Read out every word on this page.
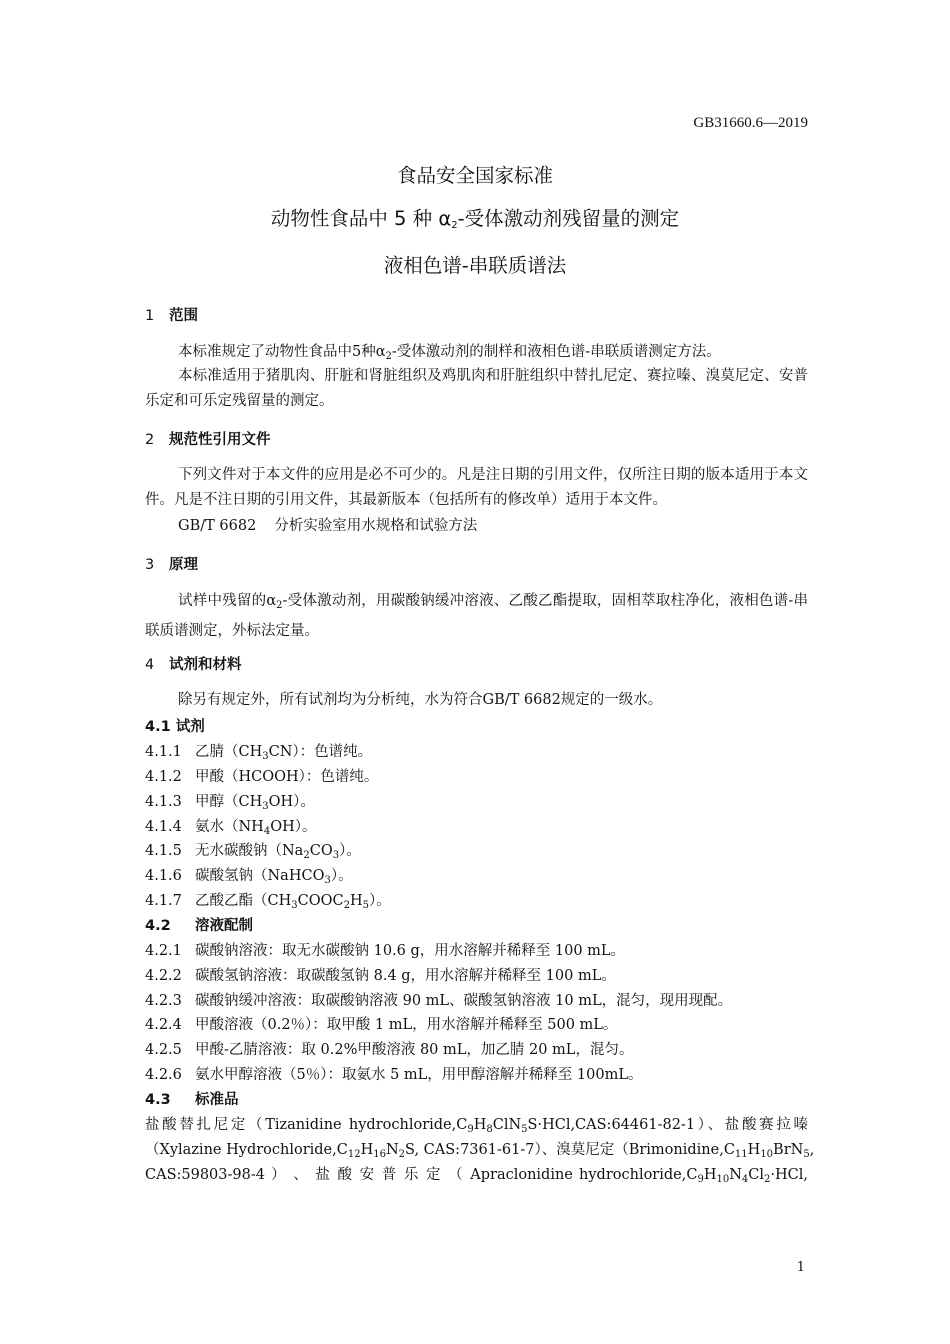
GB31660.6—2019
食品安全国家标准
动物性食品中 5 种 $\alpha_2-$受体激动剂残留量的测定
液相色谱-串联质谱法
1 范围
本标准规定了动物性食品中5种$\alpha_2-$受体激动剂的制样和液相色谱-串联质谱测定方法。
本标准适用于猪肌肉、肝脏和肾脏组织及鸡肌肉和肝脏组织中替扎尼定、赛拉嗪、溴莫尼定、安普乐定和可乐定残留量的测定。
2 规范性引用文件
下列文件对于本文件的应用是必不可少的。凡是注日期的引用文件，仅所注日期的版本适用于本文件。凡是不注日期的引用文件，其最新版本（包括所有的修改单）适用于本文件。
GB/T 6682 分析实验室用水规格和试验方法
3 原理
试样中残留的$\alpha_2-$受体激动剂，用碳酸钠缓冲溶液、乙酸乙酯提取，固相萃取柱净化，液相色谱-串联质谱测定，外标法定量。
4 试剂和材料
除另有规定外，所有试剂均为分析纯，水为符合GB/T 6682规定的一级水。
4.1 试剂
4.1.1 乙腈$(CH_3CN)$：色谱纯。
4.1.2 甲酸（HCOOH）：色谱纯。
4.1.3 甲醇$(CH_3OH)$。
4.1.4 氨水$(NH_4OH)$。
4.1.5 无水碳酸钠$(Na_2CO_3)$。
4.1.6 碳酸氢钠（NaHCO$_3$）。
4.1.7 乙酸乙酯$(CH_3COOC_2H_5)$。
4.2 溶液配制
4.2.1 碳酸钠溶液：取无水碳酸钠 10.6 g，用水溶解并稀释至 100 mL。
4.2.2 碳酸氢钠溶液：取碳酸氢钠 8.4 g，用水溶解并稀释至 100 mL。
4.2.3 碳酸钠缓冲溶液：取碳酸钠溶液 90 mL、碳酸氢钠溶液 10 mL，混匀，现用现配。
4.2.4 甲酸溶液（0.2％）：取甲酸 1 mL，用水溶解并稀释至 500 mL。
4.2.5 甲酸-乙腈溶液：取 0.2%甲酸溶液 80 mL，加乙腈 20 mL，混匀。
4.2.6 氨水甲醇溶液（5％）：取氨水 5 mL，用甲醇溶解并稀释至 100mL。
4.3 标准品
盐酸替扎尼定（Tizanidine $hydrochloride,C_9H_8ClN_5S\cdot HCl,CAS:64461-82-1$）、盐酸赛拉嗪
（Xylazine $Hydrochloride,C_{12}H_{16}N_2S$, CAS:7361-61-7）、溴莫尼定（$Brimonidine,C_{11}H_{10}BrN_5$,
CAS:59803-98-4 ） 、 盐 酸 安 普 乐 定 （ Apraclonidine $hydrochloride,C_9H_{10}N_4Cl_2\cdot HCl$,
1
